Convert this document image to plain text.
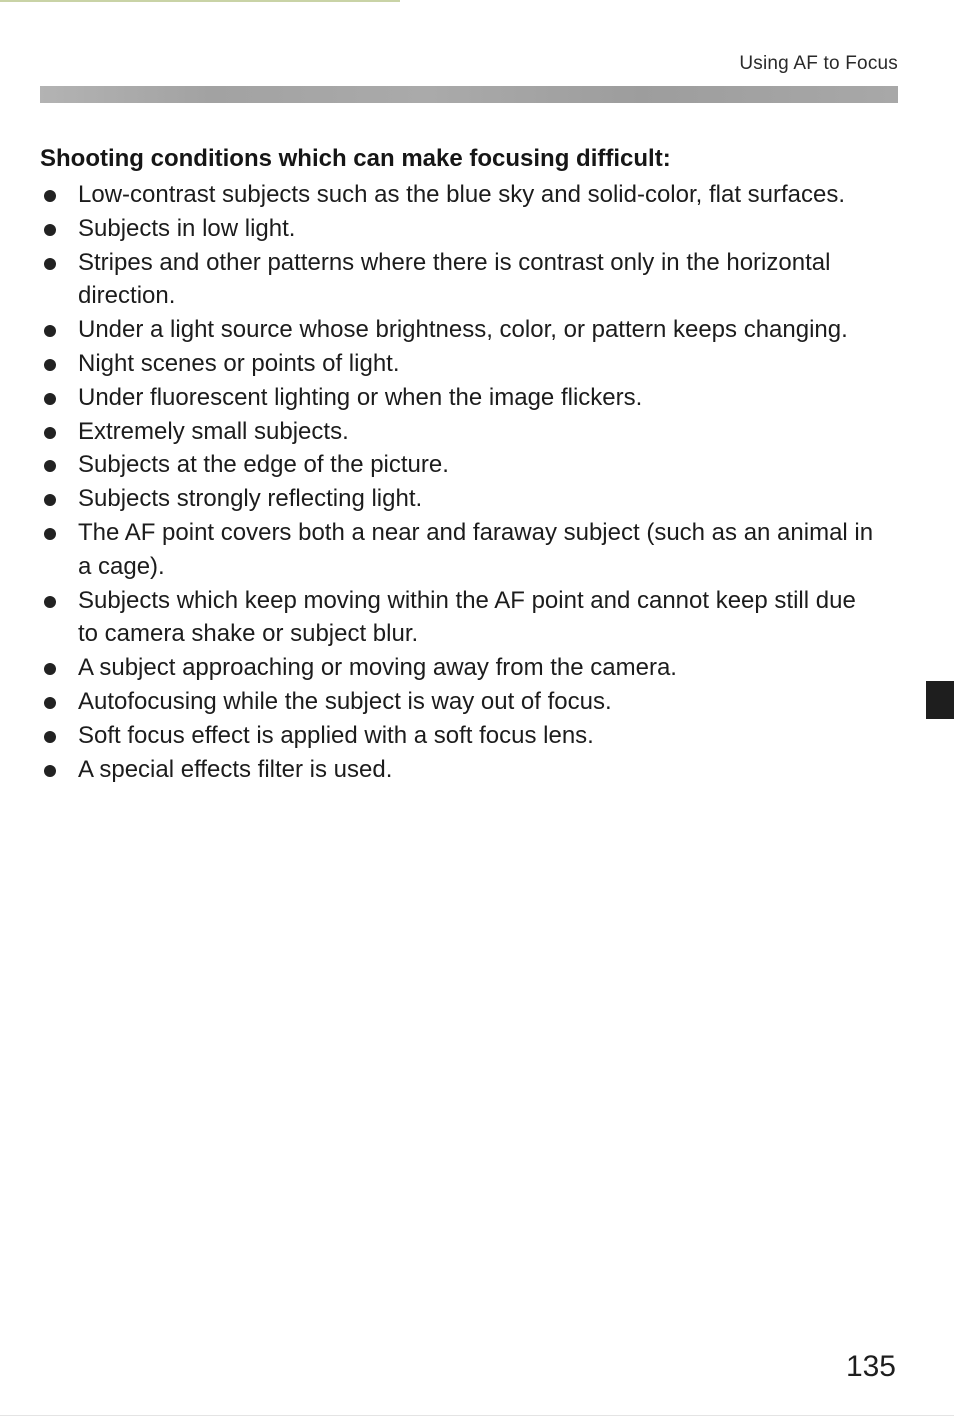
Using AF to Focus
Shooting conditions which can make focusing difficult:
Low-contrast subjects such as the blue sky and solid-color, flat surfaces.
Subjects in low light.
Stripes and other patterns where there is contrast only in the horizontal direction.
Under a light source whose brightness, color, or pattern keeps changing.
Night scenes or points of light.
Under fluorescent lighting or when the image flickers.
Extremely small subjects.
Subjects at the edge of the picture.
Subjects strongly reflecting light.
The AF point covers both a near and faraway subject (such as an animal in a cage).
Subjects which keep moving within the AF point and cannot keep still due to camera shake or subject blur.
A subject approaching or moving away from the camera.
Autofocusing while the subject is way out of focus.
Soft focus effect is applied with a soft focus lens.
A special effects filter is used.
135
